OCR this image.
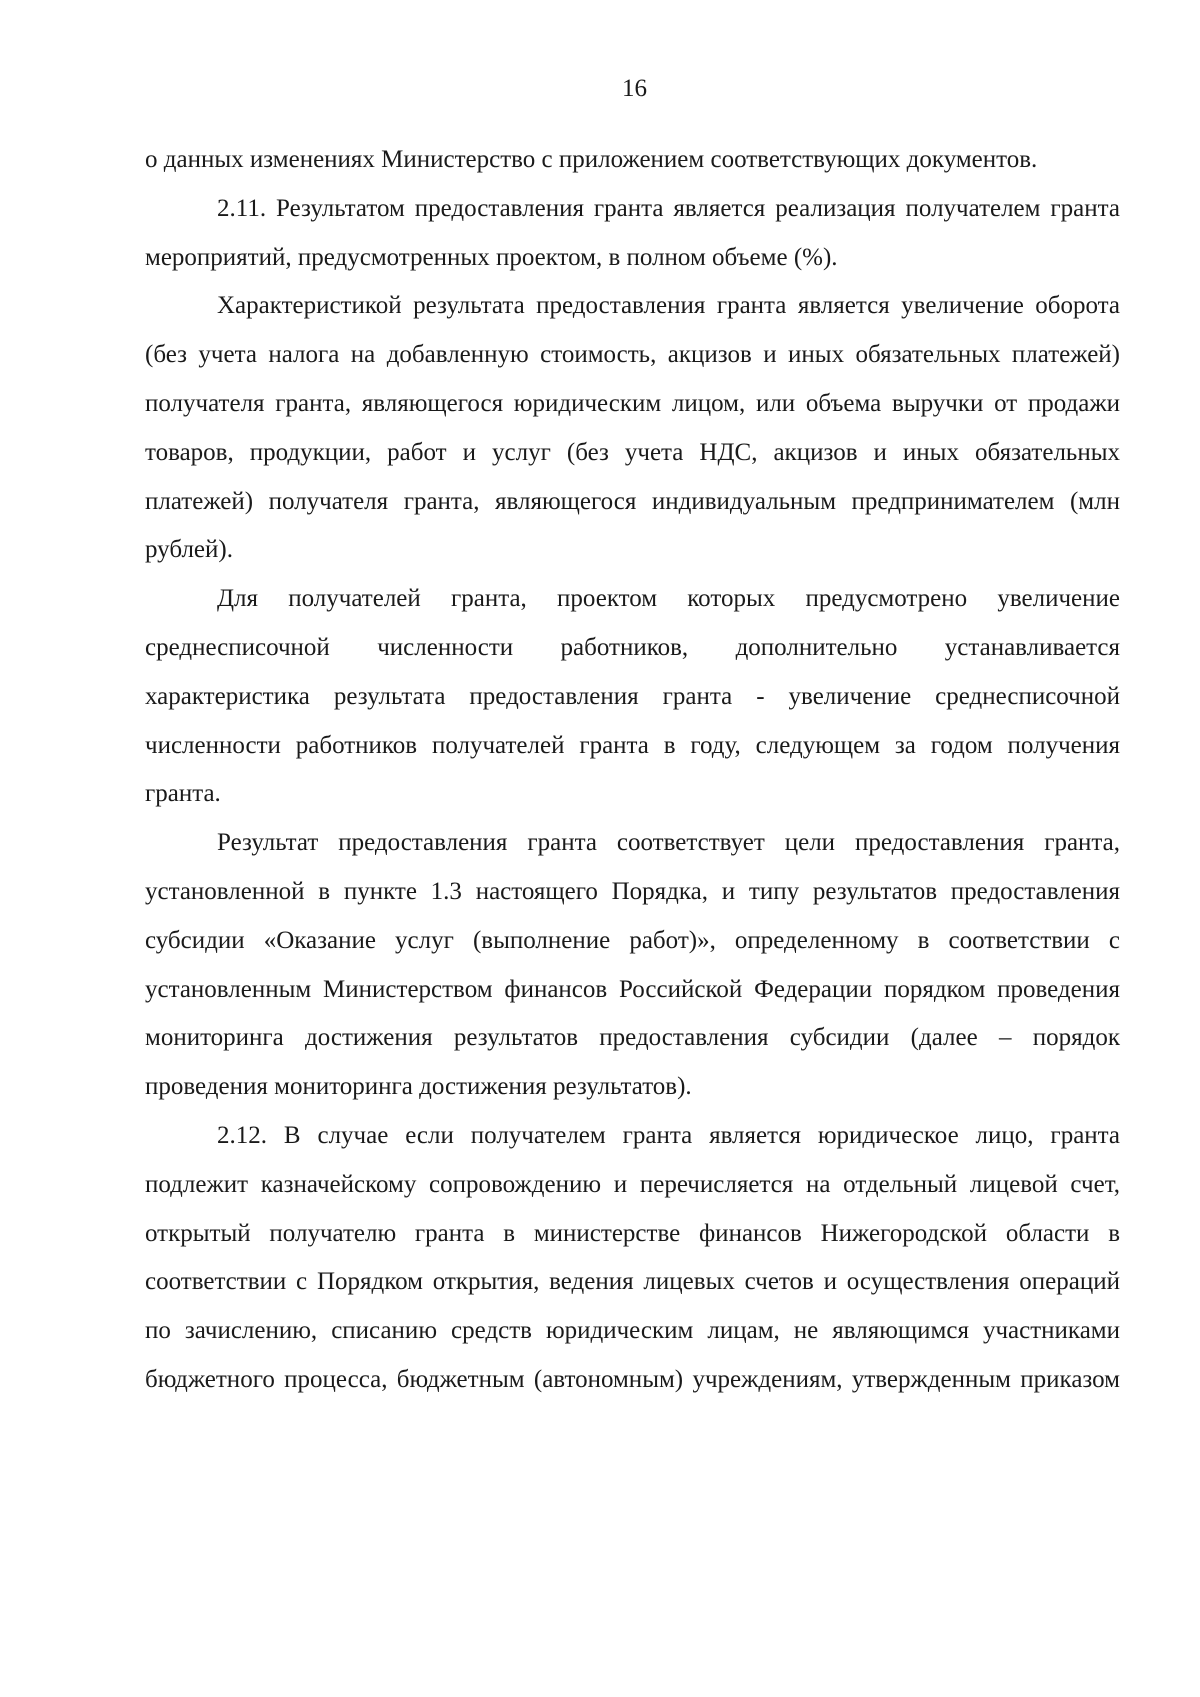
16

о данных изменениях Министерство с приложением соответствующих документов.

2.11. Результатом предоставления гранта является реализация получателем гранта мероприятий, предусмотренных проектом, в полном объеме (%).

Характеристикой результата предоставления гранта является увеличение оборота (без учета налога на добавленную стоимость, акцизов и иных обязательных платежей) получателя гранта, являющегося юридическим лицом, или объема выручки от продажи товаров, продукции, работ и услуг (без учета НДС, акцизов и иных обязательных платежей) получателя гранта, являющегося индивидуальным предпринимателем (млн рублей).

Для получателей гранта, проектом которых предусмотрено увеличение среднесписочной численности работников, дополнительно устанавливается характеристика результата предоставления гранта - увеличение среднесписочной численности работников получателей гранта в году, следующем за годом получения гранта.

Результат предоставления гранта соответствует цели предоставления гранта, установленной в пункте 1.3 настоящего Порядка, и типу результатов предоставления субсидии «Оказание услуг (выполнение работ)», определенному в соответствии с установленным Министерством финансов Российской Федерации порядком проведения мониторинга достижения результатов предоставления субсидии (далее – порядок проведения мониторинга достижения результатов).

2.12. В случае если получателем гранта является юридическое лицо, гранта подлежит казначейскому сопровождению и перечисляется на отдельный лицевой счет, открытый получателю гранта в министерстве финансов Нижегородской области в соответствии с Порядком открытия, ведения лицевых счетов и осуществления операций по зачислению, списанию средств юридическим лицам, не являющимся участниками бюджетного процесса, бюджетным (автономным) учреждениям, утвержденным приказом
